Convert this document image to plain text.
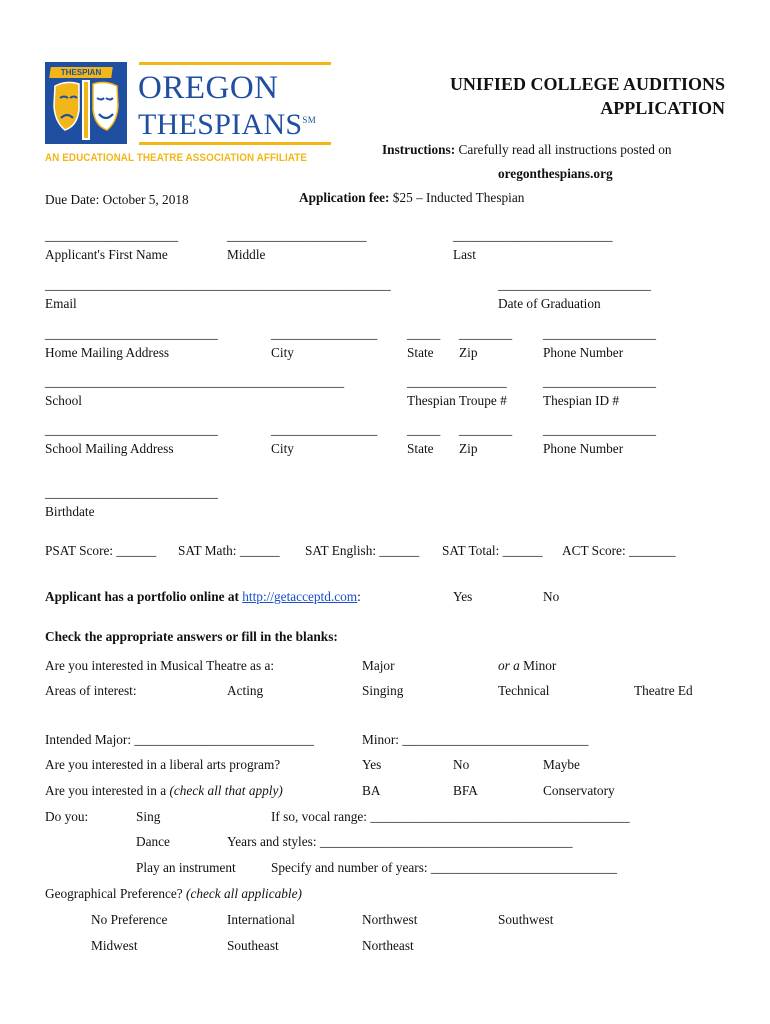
THESPIAN	OREGON
THESPIANS℠
AN EDUCATIONAL THEATRE ASSOCIATION AFFILIATE
UNIFIED COLLEGE AUDITIONS
APPLICATION
Instructions: Carefully read all instructions posted on
oregonthespians.org
Due Date: October 5, 2018	Application fee: $25 – Inducted Thespian
____________________	_____________________	________________________
Applicant's First Name	Middle	Last
____________________________________________________	_______________________
Email	Date of Graduation
__________________________	________________ _____ ________ _________________
Home Mailing Address	City	State Zip	Phone Number
_____________________________________________	_______________	_________________
School	Thespian Troupe #	Thespian ID #
__________________________	________________ _____ ________ _________________
School Mailing Address	City	State Zip	Phone Number
__________________________
Birthdate
PSAT Score: ______ SAT Math: ______ SAT English: ______ SAT Total: ______ ACT Score: _______
Applicant has a portfolio online at http://getacceptd.com:	Yes	No
Check the appropriate answers or fill in the blanks:
Are you interested in Musical Theatre as a:	Major	or a Minor
Areas of interest:	Acting	Singing	Technical	Theatre Ed
Intended Major: ___________________________	Minor: ____________________________
Are you interested in a liberal arts program?	Yes	No	Maybe
Are you interested in a (check all that apply)	BA	BFA	Conservatory
Do you:	Sing	If so, vocal range: _______________________________________
Dance	Years and styles: ______________________________________
Play an instrument	Specify and number of years: ____________________________
Geographical Preference? (check all applicable)
No Preference	International	Northwest	Southwest
Midwest	Southeast	Northeast
